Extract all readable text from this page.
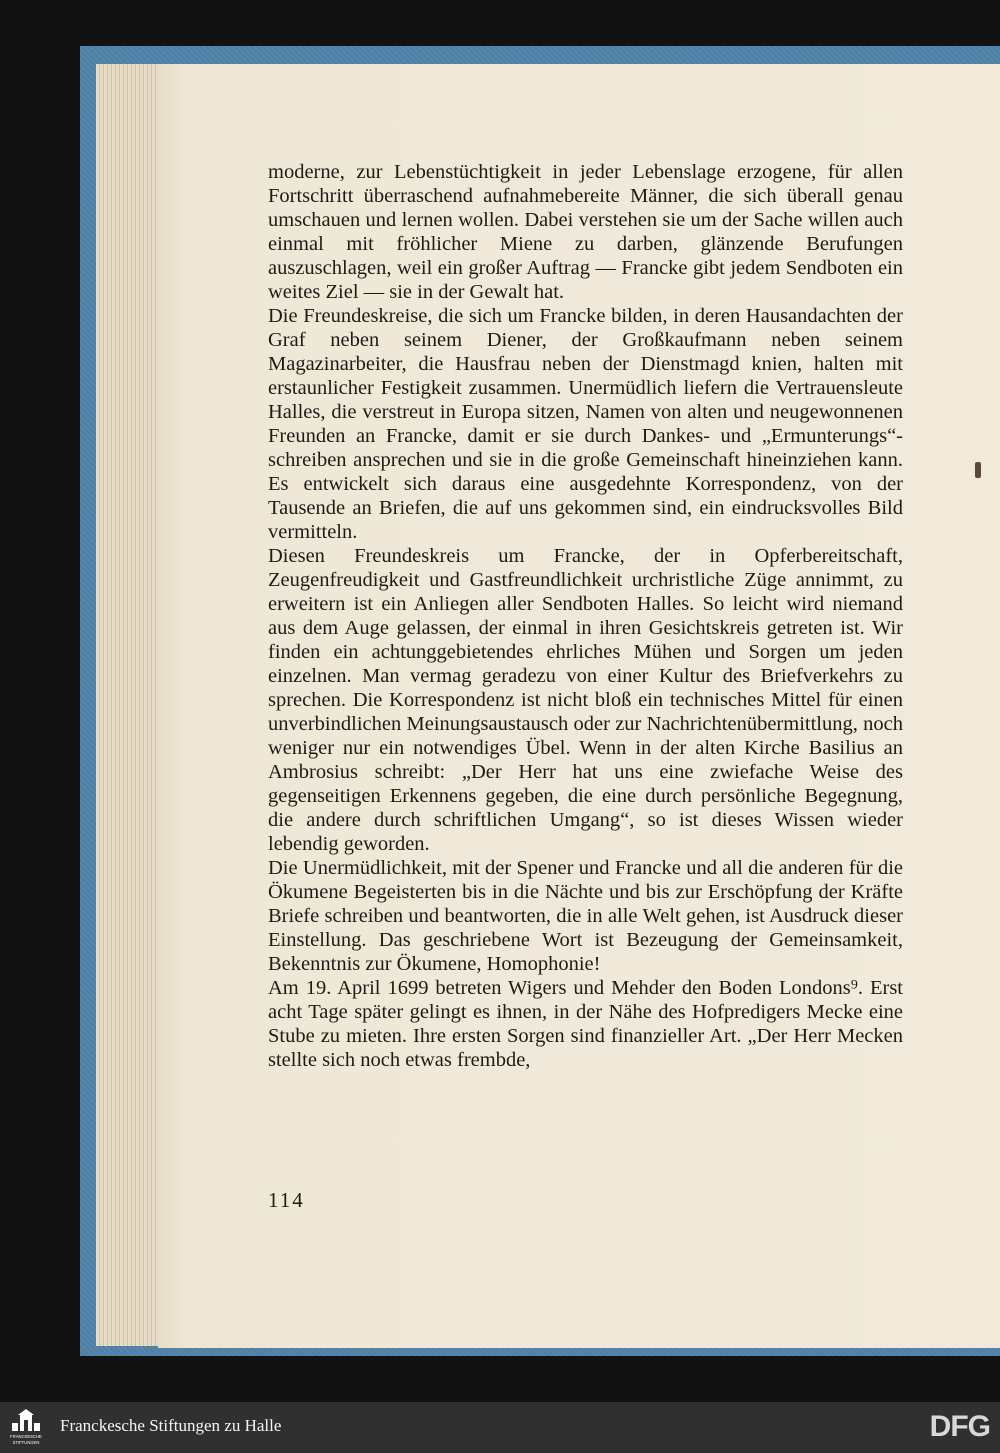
moderne, zur Lebenstüchtigkeit in jeder Lebenslage erzogene, für allen Fortschritt überraschend aufnahmebereite Männer, die sich überall genau umschauen und lernen wollen. Dabei verstehen sie um der Sache willen auch einmal mit fröhlicher Miene zu darben, glänzende Berufungen auszuschlagen, weil ein großer Auftrag — Francke gibt jedem Sendboten ein weites Ziel — sie in der Gewalt hat.

Die Freundeskreise, die sich um Francke bilden, in deren Hausandachten der Graf neben seinem Diener, der Großkaufmann neben seinem Magazinarbeiter, die Hausfrau neben der Dienstmagd knien, halten mit erstaunlicher Festigkeit zusammen. Unermüdlich liefern die Vertrauensleute Halles, die verstreut in Europa sitzen, Namen von alten und neugewonnenen Freunden an Francke, damit er sie durch Dankes- und „Ermunterungs“-schreiben ansprechen und sie in die große Gemeinschaft hineinziehen kann. Es entwickelt sich daraus eine ausgedehnte Korrespondenz, von der Tausende an Briefen, die auf uns gekommen sind, ein eindrucksvolles Bild vermitteln.

Diesen Freundeskreis um Francke, der in Opferbereitschaft, Zeugenfreudigkeit und Gastfreundlichkeit urchristliche Züge annimmt, zu erweitern ist ein Anliegen aller Sendboten Halles. So leicht wird niemand aus dem Auge gelassen, der einmal in ihren Gesichtskreis getreten ist. Wir finden ein achtunggebietendes ehrliches Mühen und Sorgen um jeden einzelnen. Man vermag geradezu von einer Kultur des Briefverkehrs zu sprechen. Die Korrespondenz ist nicht bloß ein technisches Mittel für einen unverbindlichen Meinungsaustausch oder zur Nachrichtenübermittlung, noch weniger nur ein notwendiges Übel. Wenn in der alten Kirche Basilius an Ambrosius schreibt: „Der Herr hat uns eine zwiefache Weise des gegenseitigen Erkennens gegeben, die eine durch persönliche Begegnung, die andere durch schriftlichen Umgang“, so ist dieses Wissen wieder lebendig geworden.

Die Unermüdlichkeit, mit der Spener und Francke und all die anderen für die Ökumene Begeisterten bis in die Nächte und bis zur Erschöpfung der Kräfte Briefe schreiben und beantworten, die in alle Welt gehen, ist Ausdruck dieser Einstellung. Das geschriebene Wort ist Bezeugung der Gemeinsamkeit, Bekenntnis zur Ökumene, Homophonie!

Am 19. April 1699 betreten Wigers und Mehder den Boden Londons⁹. Erst acht Tage später gelingt es ihnen, in der Nähe des Hofpredigers Mecke eine Stube zu mieten. Ihre ersten Sorgen sind finanzieller Art. „Der Herr Mecken stellte sich noch etwas frembde,

114
FRANCKESCHE
STIFTUNGEN
Franckesche Stiftungen zu Halle	DFG
